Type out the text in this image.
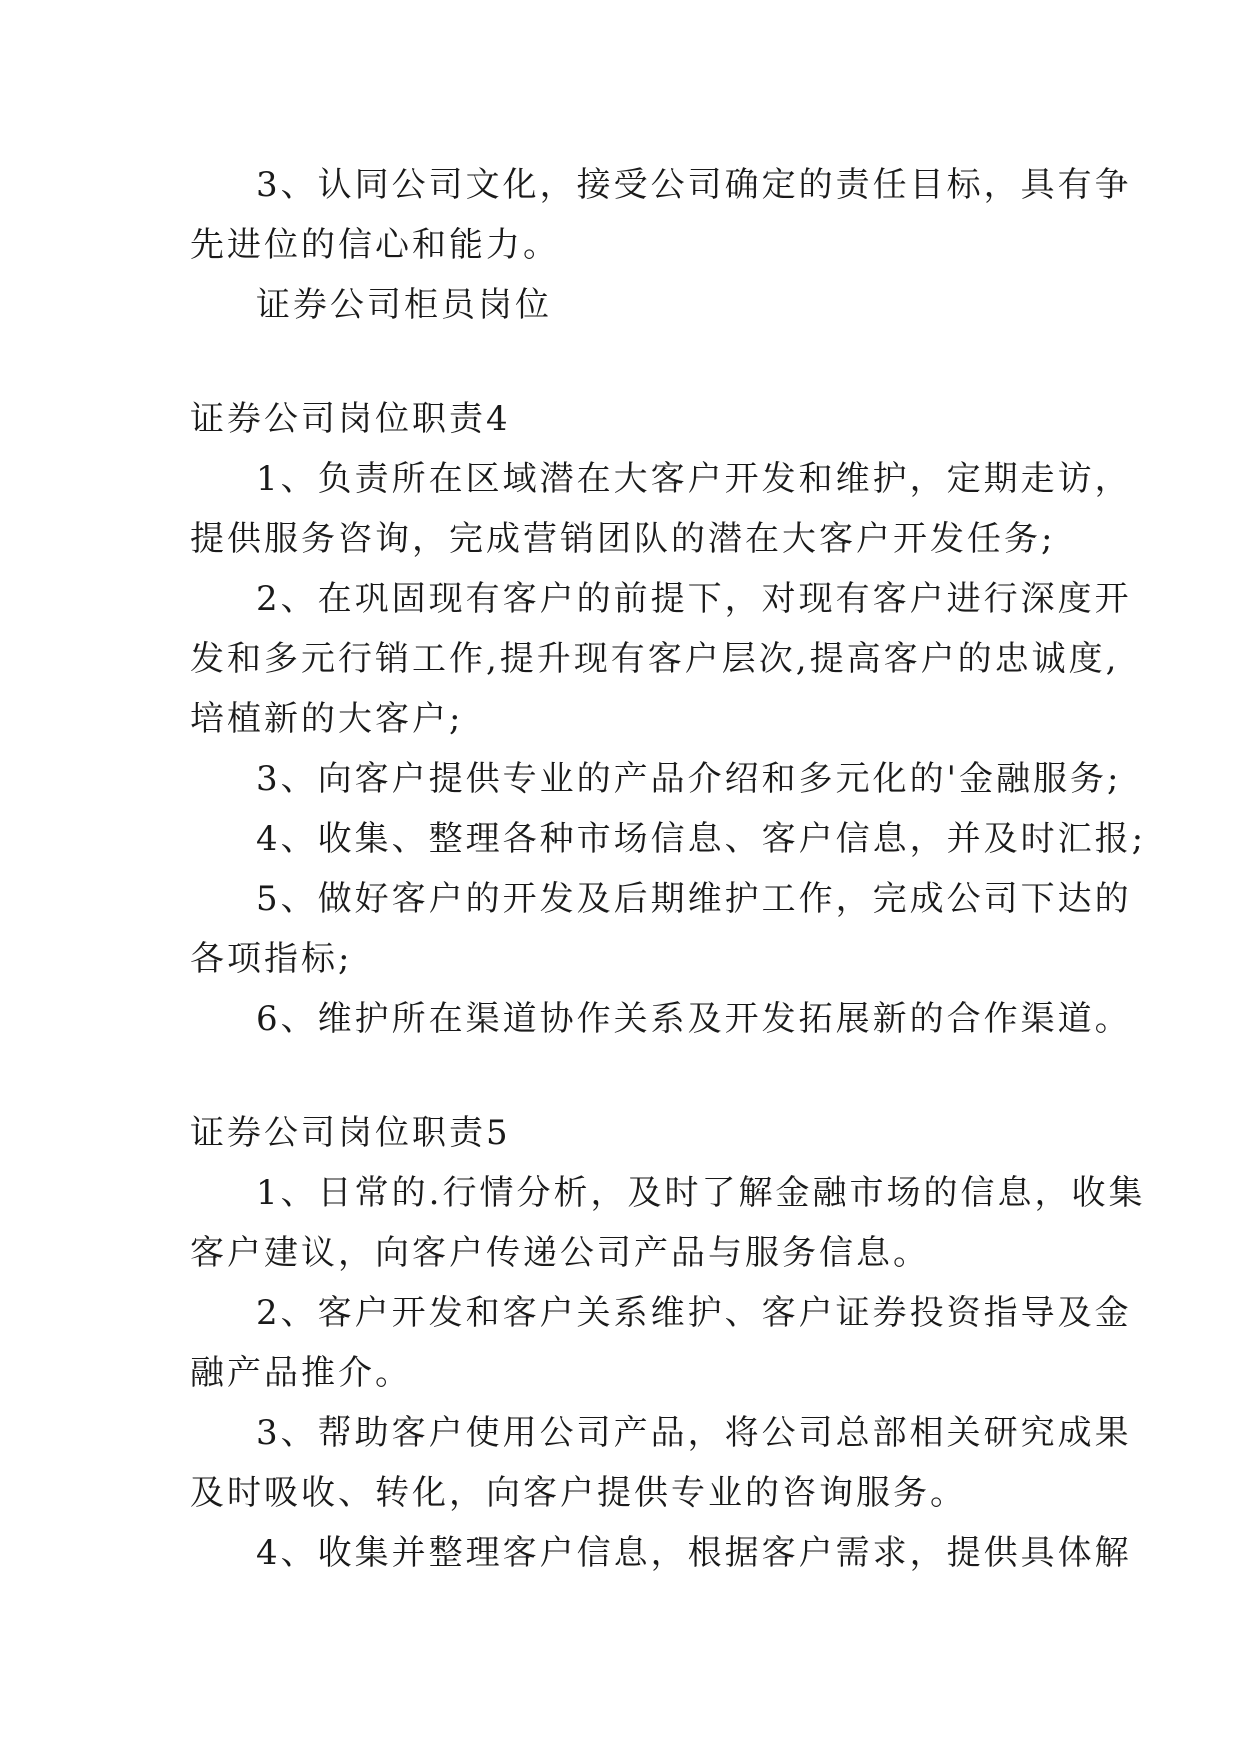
3、认同公司文化，接受公司确定的责任目标，具有争
先进位的信心和能力。
证券公司柜员岗位
证券公司岗位职责4
1、负责所在区域潜在大客户开发和维护，定期走访，
提供服务咨询，完成营销团队的潜在大客户开发任务;
2、在巩固现有客户的前提下，对现有客户进行深度开
发和多元行销工作,提升现有客户层次,提高客户的忠诚度,
培植新的大客户;
3、向客户提供专业的产品介绍和多元化的'金融服务;
4、收集、整理各种市场信息、客户信息，并及时汇报;
5、做好客户的开发及后期维护工作，完成公司下达的
各项指标;
6、维护所在渠道协作关系及开发拓展新的合作渠道。
证券公司岗位职责5
1、日常的.行情分析，及时了解金融市场的信息，收集
客户建议，向客户传递公司产品与服务信息。
2、客户开发和客户关系维护、客户证券投资指导及金
融产品推介。
3、帮助客户使用公司产品，将公司总部相关研究成果
及时吸收、转化，向客户提供专业的咨询服务。
4、收集并整理客户信息，根据客户需求，提供具体解
